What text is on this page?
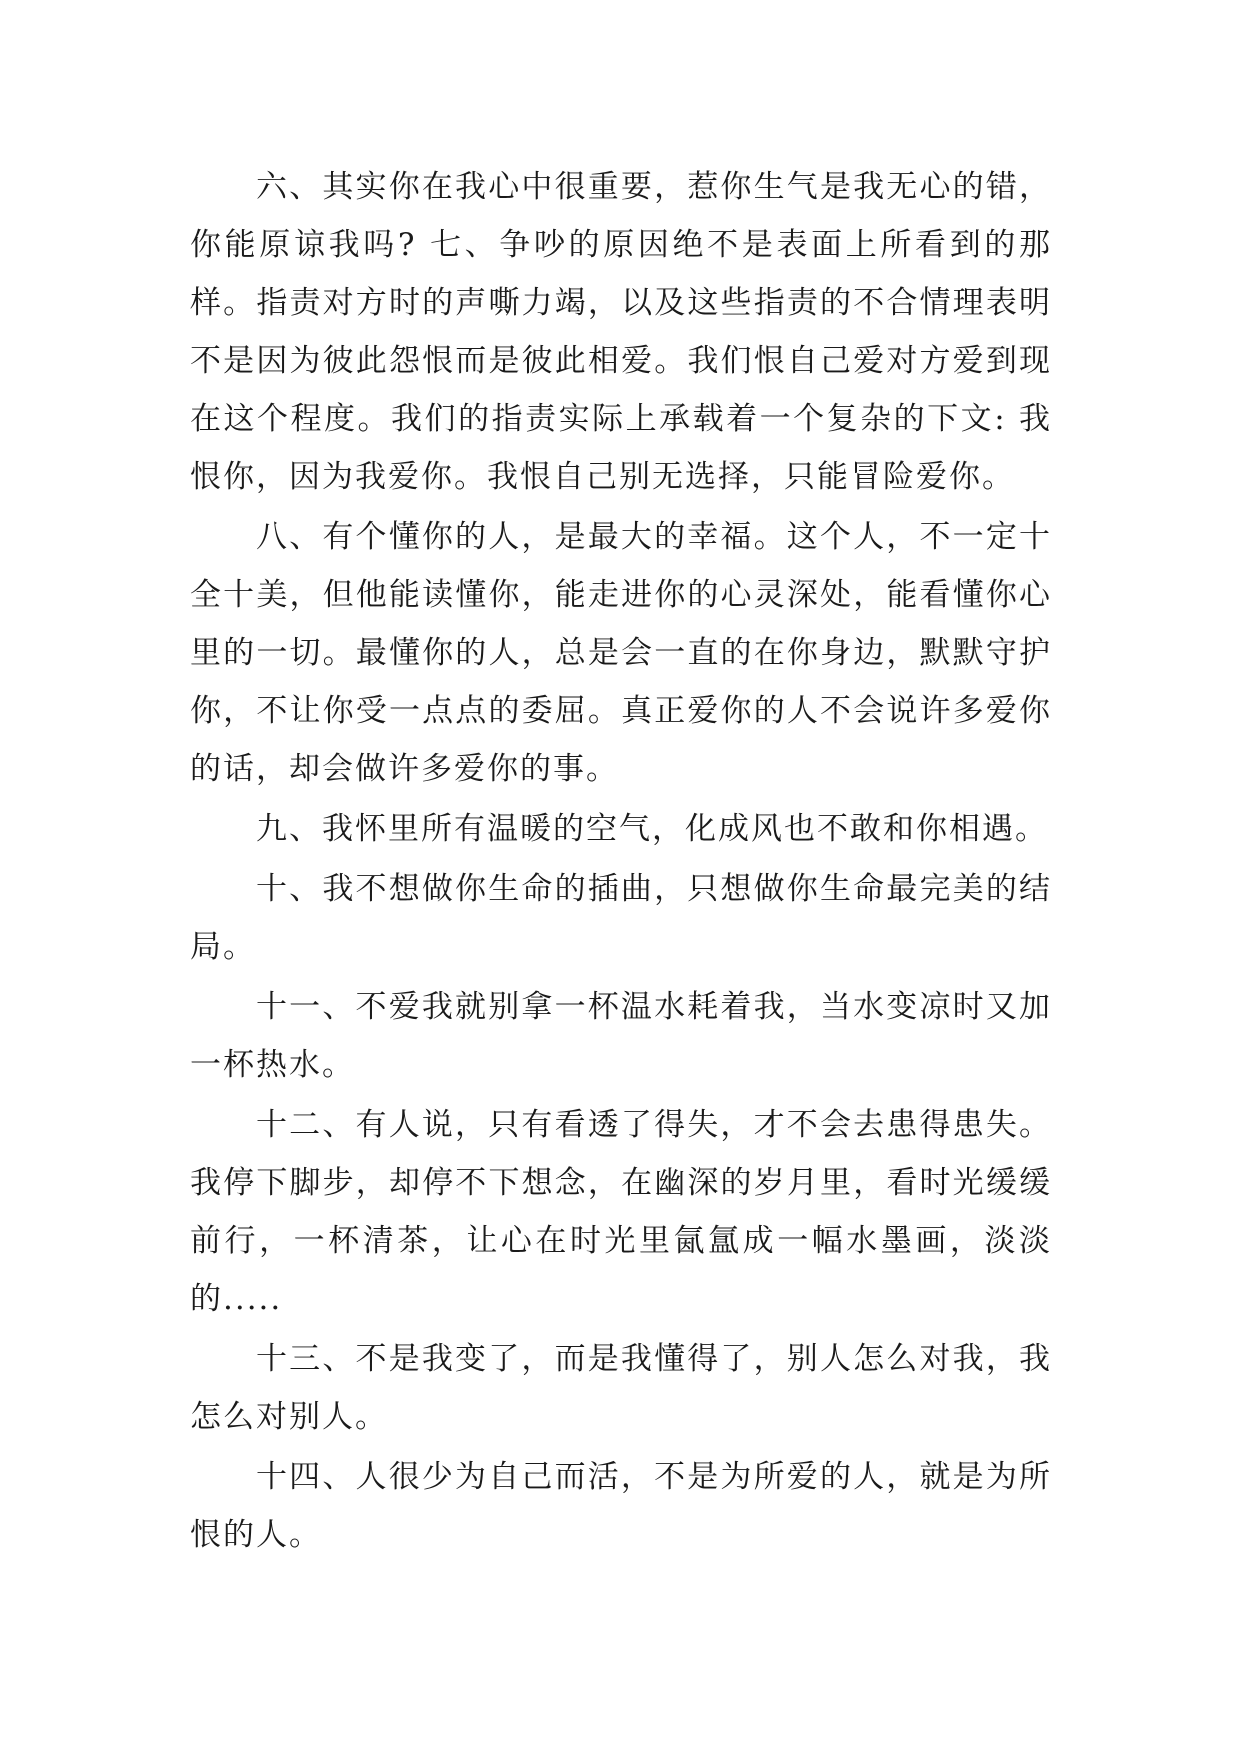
六、其实你在我心中很重要，惹你生气是我无心的错，你能原谅我吗? 七、争吵的原因绝不是表面上所看到的那样。指责对方时的声嘶力竭，以及这些指责的不合情理表明不是因为彼此怨恨而是彼此相爱。我们恨自己爱对方爱到现在这个程度。我们的指责实际上承载着一个复杂的下文: 我恨你，因为我爱你。我恨自己别无选择，只能冒险爱你。

八、有个懂你的人，是最大的幸福。这个人，不一定十全十美，但他能读懂你，能走进你的心灵深处，能看懂你心里的一切。最懂你的人，总是会一直的在你身边，默默守护你，不让你受一点点的委屈。真正爱你的人不会说许多爱你的话，却会做许多爱你的事。

九、我怀里所有温暖的空气，化成风也不敢和你相遇。

十、我不想做你生命的插曲，只想做你生命最完美的结局。

十一、不爱我就别拿一杯温水耗着我，当水变凉时又加一杯热水。

十二、有人说，只有看透了得失，才不会去患得患失。我停下脚步，却停不下想念，在幽深的岁月里，看时光缓缓前行，一杯清茶，让心在时光里氤氲成一幅水墨画，淡淡的.....

十三、不是我变了，而是我懂得了，别人怎么对我，我怎么对别人。

十四、人很少为自己而活，不是为所爱的人，就是为所恨的人。
